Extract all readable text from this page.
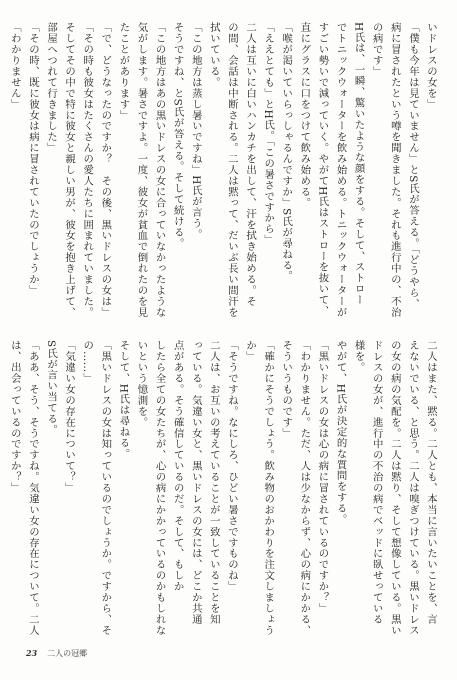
いドレスの女を」
「僕も今年は見ていません」とS氏が答える。「どうやら、
病に冒されたという噂を聞きました。それも進行中の、不治
の病です」
H氏は、一瞬、驚いたような顔をする。そして、ストロー
でトニックウォーターを飲み始める。トニックウォーターが
すごい勢いで減っていく。やがてH氏はストローを抜いて、
直にグラスに口をつけて飲み始める。
「喉が渇いていらっしゃるんですか」S氏が尋ねる。
「ええとても」とH氏。「この暑さですから」
二人は互いに白いハンカチを出して、汗を拭き始める。そ
の間、会話は中断される。二人は黙って、だいぶ長い間汗を
拭いている。
「この地方は蒸し暑いですね」H氏が言う。
そうですね、とS氏が答える。そして続ける。
「この地方はあの黒いドレスの女に合っていなかったような
気がします。暑さですよ。一度、彼女が貧血で倒れたのを見
たことがあります」
「で、どうなったのですか？　その後、黒いドレスの女は」
「その時も彼女はたくさんの愛人たちに囲まれていました。
そしてその中で特に彼女と親しい男が、彼女を抱き上げて、
部屋へつれて行きました」
「その時、既に彼女は病に冒されていたのでしょうか」
「わかりません」
二人はまた、黙る。二人とも、本当に言いたいことを、言
えないでいる、と思う。二人は嗅ぎつけている。黒いドレス
の女の病の気配を。二人は黙り、そして想像している。黒い
ドレスの女が、進行中の不治の病でベッドに臥せっている
様を。
やがて、H氏が決定的な質問をする。
「黒いドレスの女は心の病に冒されているのですか？」
「わかりません。ただ、人は少なからず、心の病にかかる、
そういうものです」
「確かにそうでしょう。飲み物のおかわりを注文しましょう
か」
「そうですね。なにしろ、ひどい暑さですものね」
二人は、お互いの考えていることが一致していることを知
っている。気違い女と、黒いドレスの女には、どこか共通
点がある。そう確信しているのだ。そして、もしか
したら全ての女たちが、心の病にかかっているのかもしれな
いという憶測を。
そして、H氏は尋ねる。
「黒いドレスの女は知っているのでしょうか。ですから、そ
の……」
「気違い女の存在について？」
S氏が言い当てる。
「ああ、そう、そうですね。気違い女の存在について。二人
は、出会っているのですか？」
23 二人の冠郷
